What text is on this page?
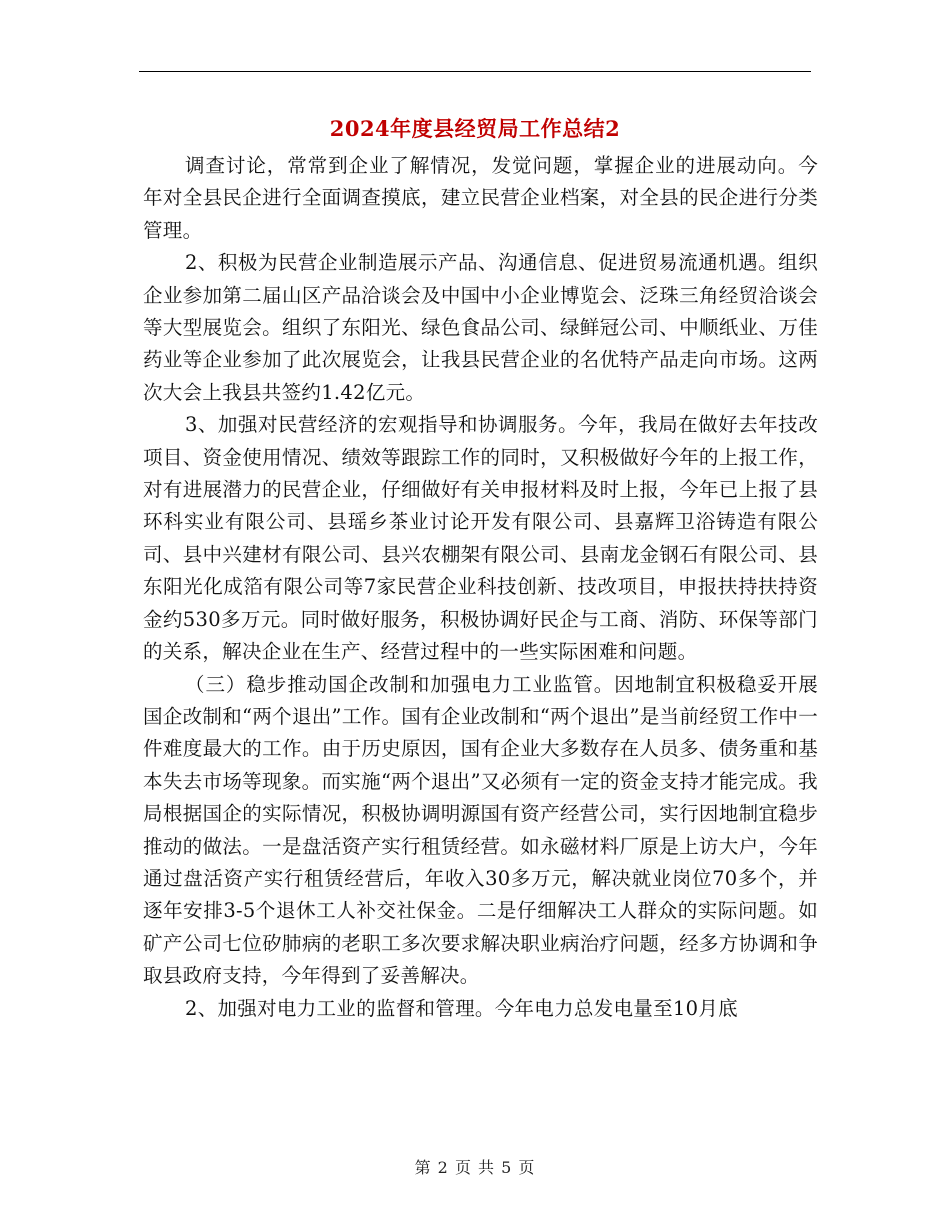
2024年度县经贸局工作总结2

调查讨论，常常到企业了解情况，发觉问题，掌握企业的进展动向。今年对全县民企进行全面调查摸底，建立民营企业档案，对全县的民企进行分类管理。

2、积极为民营企业制造展示产品、沟通信息、促进贸易流通机遇。组织企业参加第二届山区产品洽谈会及中国中小企业博览会、泛珠三角经贸洽谈会等大型展览会。组织了东阳光、绿色食品公司、绿鲜冠公司、中顺纸业、万佳药业等企业参加了此次展览会，让我县民营企业的名优特产品走向市场。这两次大会上我县共签约1.42亿元。

3、加强对民营经济的宏观指导和协调服务。今年，我局在做好去年技改项目、资金使用情况、绩效等跟踪工作的同时，又积极做好今年的上报工作，对有进展潜力的民营企业，仔细做好有关申报材料及时上报，今年已上报了县环科实业有限公司、县瑶乡茶业讨论开发有限公司、县嘉辉卫浴铸造有限公司、县中兴建材有限公司、县兴农棚架有限公司、县南龙金钢石有限公司、县东阳光化成箔有限公司等7家民营企业科技创新、技改项目，申报扶持扶持资金约530多万元。同时做好服务，积极协调好民企与工商、消防、环保等部门的关系，解决企业在生产、经营过程中的一些实际困难和问题。

（三）稳步推动国企改制和加强电力工业监管。因地制宜积极稳妥开展国企改制和“两个退出”工作。国有企业改制和“两个退出”是当前经贸工作中一件难度最大的工作。由于历史原因，国有企业大多数存在人员多、债务重和基本失去市场等现象。而实施“两个退出”又必须有一定的资金支持才能完成。我局根据国企的实际情况，积极协调明源国有资产经营公司，实行因地制宜稳步推动的做法。一是盘活资产实行租赁经营。如永磁材料厂原是上访大户，今年通过盘活资产实行租赁经营后，年收入30多万元，解决就业岗位70多个，并逐年安排3-5个退休工人补交社保金。二是仔细解决工人群众的实际问题。如矿产公司七位矽肺病的老职工多次要求解决职业病治疗问题，经多方协调和争取县政府支持，今年得到了妥善解决。

2、加强对电力工业的监督和管理。今年电力总发电量至10月底

第 2 页 共 5 页
